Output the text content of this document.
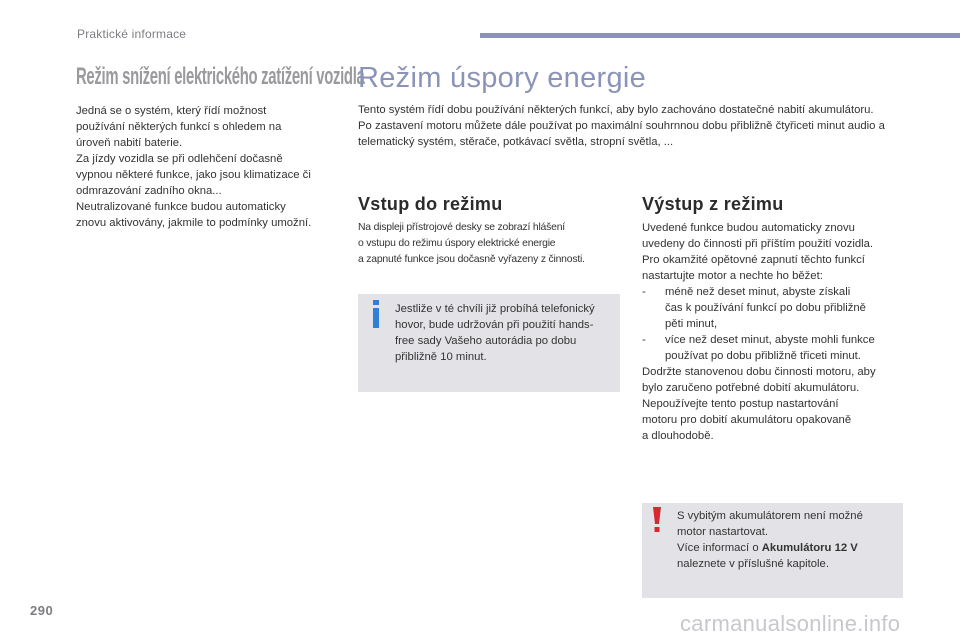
Praktické informace
Režim snížení elektrického zatížení vozidla
Jedná se o systém, který řídí možnost
používání některých funkcí s ohledem na
úroveň nabití baterie.
Za jízdy vozidla se při odlehčení dočasně
vypnou některé funkce, jako jsou klimatizace či
odmrazování zadního okna...
Neutralizované funkce budou automaticky
znovu aktivovány, jakmile to podmínky umožní.
Režim úspory energie

Tento systém řídí dobu používání některých funkcí, aby bylo zachováno dostatečné nabití akumulátoru.

Po zastavení motoru můžete dále používat po maximální souhrnnou dobu přibližně čtyřiceti minut audio a telematický systém, stěrače, potkávací světla, stropní světla, ...

Vstup do režimu
Na displeji přístrojové desky se zobrazí hlášení
o vstupu do režimu úspory elektrické energie
a zapnuté funkce jsou dočasně vyřazeny z činnosti.
Jestliže v té chvíli již probíhá telefonický
hovor, bude udržován při použití hands-
free sady Vašeho autorádia po dobu
přibližně 10 minut.
Výstup z režimu
Uvedené funkce budou automaticky znovu
uvedeny do činnosti při příštím použití vozidla.
Pro okamžité opětovné zapnutí těchto funkcí
nastartujte motor a nechte ho běžet:
-	méně než deset minut, abyste získali
čas k používání funkcí po dobu přibližně
pěti minut,
-	více než deset minut, abyste mohli funkce
používat po dobu přibližně třiceti minut.
Dodržte stanovenou dobu činnosti motoru, aby
bylo zaručeno potřebné dobití akumulátoru.
Nepoužívejte tento postup nastartování
motoru pro dobití akumulátoru opakovaně
a dlouhodobě.
S vybitým akumulátorem není možné
motor nastartovat.
Více informací o Akumulátoru 12 V
naleznete v příslušné kapitole.
290
carmanualsonline.info
